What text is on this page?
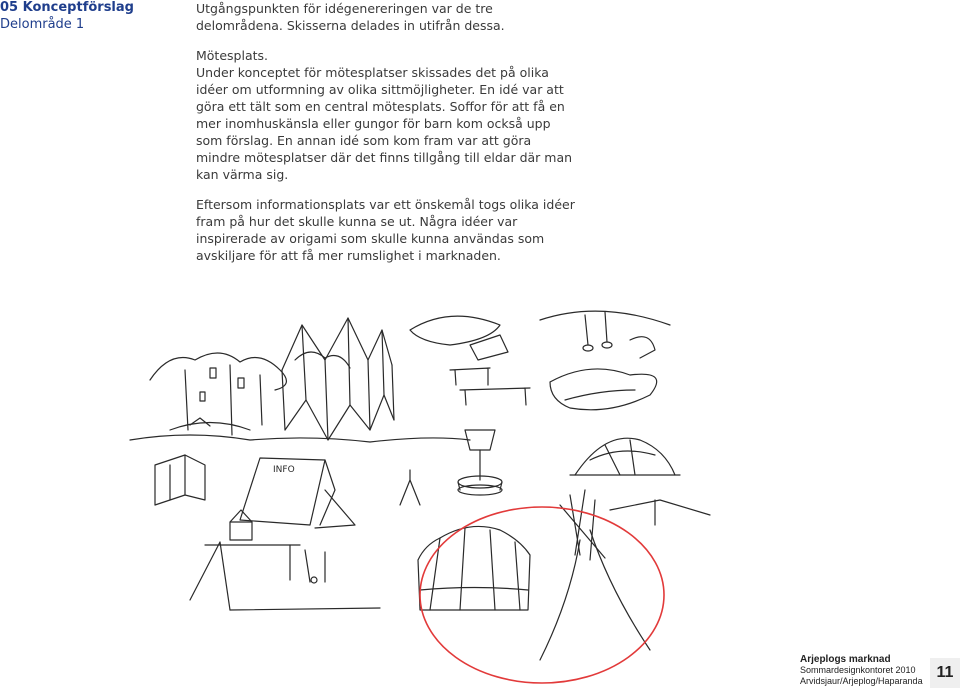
05 Konceptförslag

Delområde 1

Utgångspunkten för idégenereringen var de tre delområdena. Skisserna delades in utifrån dessa.

Mötesplats.
Under konceptet för mötesplatser skissades det på olika idéer om utformning av olika sittmöjligheter. En idé var att göra ett tält som en central mötesplats. Soffor för att få en mer inomhuskänsla eller gungor för barn kom också upp som förslag. En annan idé som kom fram var att göra mindre mötesplatser där det finns tillgång till eldar där man kan värma sig.

Eftersom informationsplats var ett önskemål togs olika idéer fram på hur det skulle kunna se ut. Några idéer var inspirerade av origami som skulle kunna användas som avskiljare för att få mer rumslighet i marknaden.

INFO
Arjeplogs marknad
Sommardesignkontoret 2010
Arvidsjaur/Arjeplog/Haparanda 11
